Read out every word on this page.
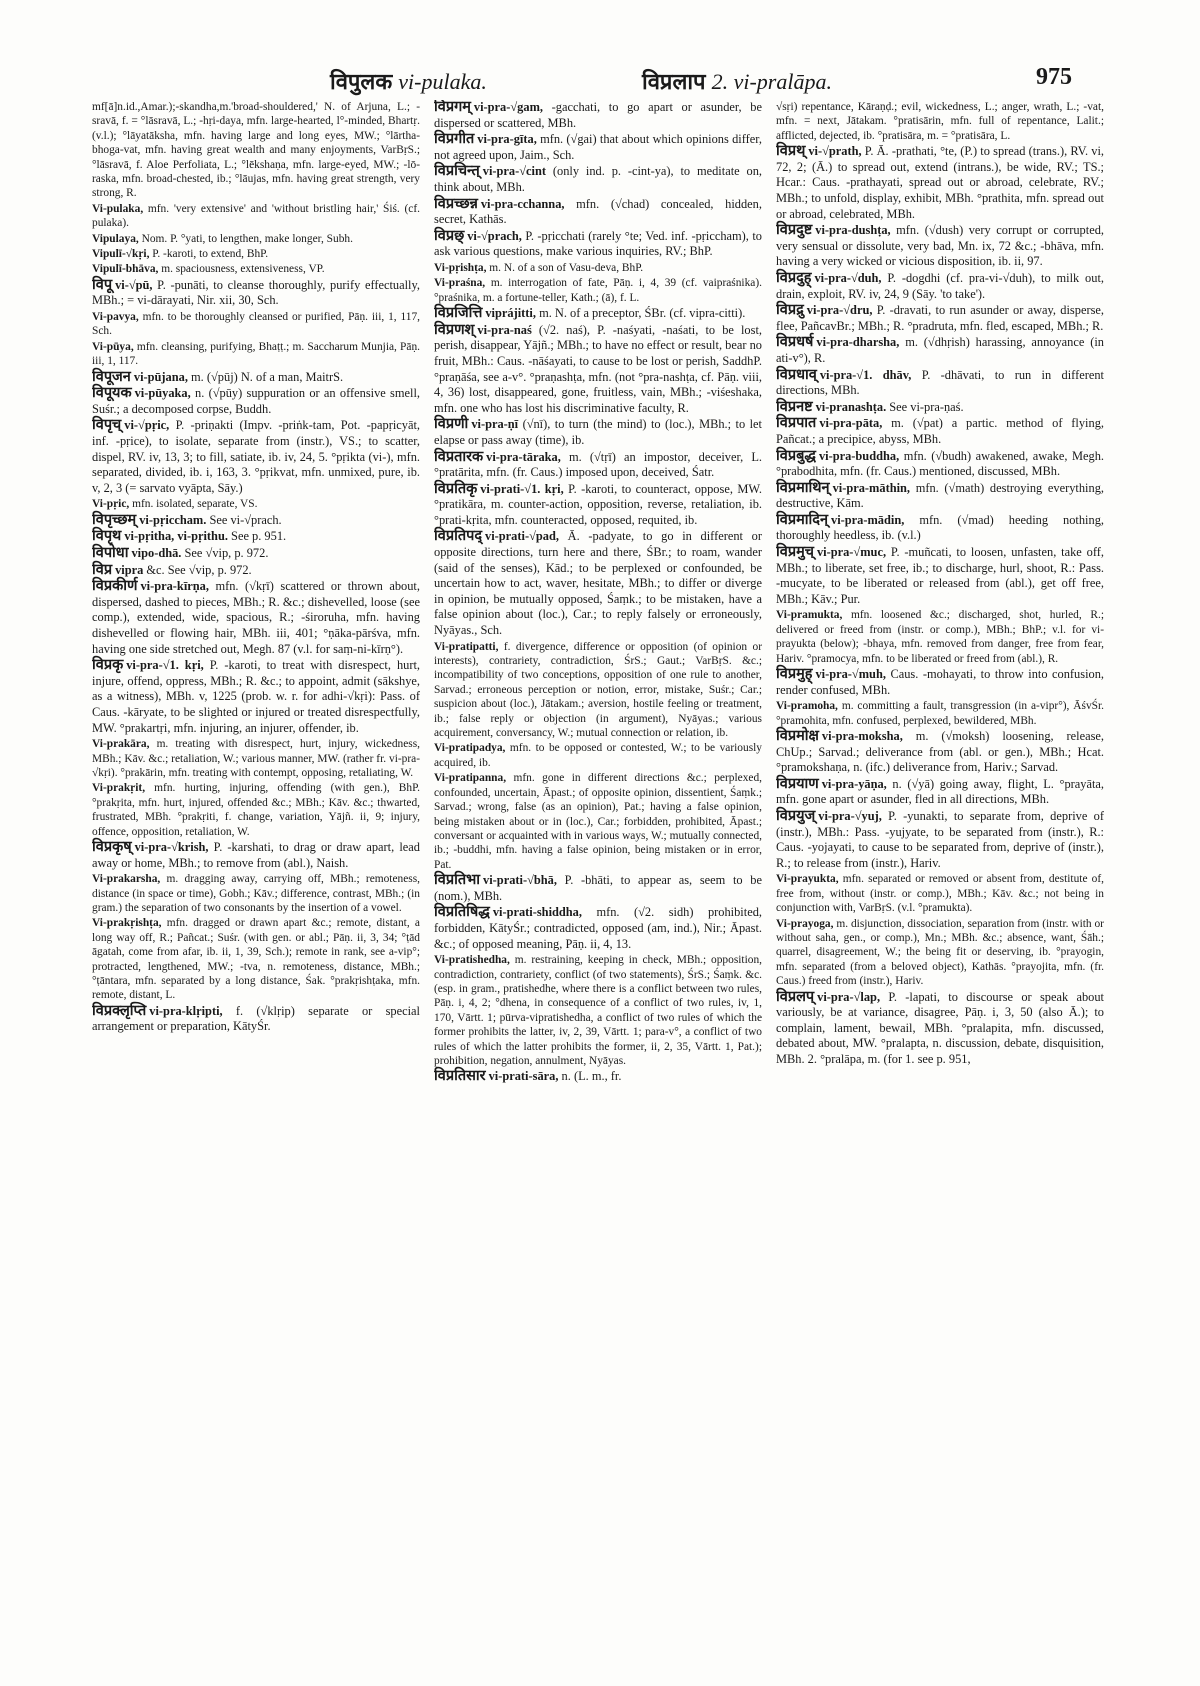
विपुलक vi-pulaka.	विप्रलाप 2. vi-pralāpa.	975

mf[ā]n.id.,Amar.);-skandha,m.'broad-shouldered,' N. of Arjuna, L.; -sravā, f. = °lāsravā, L.; -hṛi-daya, mfn. large-hearted, l°-minded, Bhartṛ. (v.l.); °lāyatāksha, mfn. having large and long eyes, MW.; °lārtha-bhoga-vat, mfn. having great wealth and many enjoyments, VarBṛS.; °lāsravā, f. Aloe Perfoliata, L.; °lēkshaṇa, mfn. large-eyed, MW.; -lō-raska, mfn. broad-chested, ib.; °lāujas, mfn. having great strength, very strong, R.

Vi-pulaka, mfn. 'very extensive' and 'without bristling hair,' Śiś. (cf. pulaka).

Vipulaya, Nom. P. °yati, to lengthen, make longer, Subh.

Vipulī-√kṛi, P. -karoti, to extend, BhP.

Vipulī-bhāva, m. spaciousness, extensiveness, VP.

विपू vi-√pū, P. -punāti, to cleanse thoroughly, purify effectually, MBh.; = vi-dārayati, Nir. xii, 30, Sch.

Vi-pavya, mfn. to be thoroughly cleansed or purified, Pāṇ. iii, 1, 117, Sch.

Vi-pūya, mfn. cleansing, purifying, Bhaṭṭ.; m. Saccharum Munjia, Pāṇ. iii, 1, 117.

विपूजन vi-pūjana, m. (√pūj) N. of a man, MaitrS.

विपूयक vi-pūyaka, n. (√pūy) suppuration or an offensive smell, Suśr.; a decomposed corpse, Buddh.

विपृच् vi-√pṛic, P. -priṇakti (Impv. -priṅk-tam, Pot. -papṛicyāt, inf. -pṛice), to isolate, separate from (instr.), VS.; to scatter, dispel, RV. iv, 13, 3; to fill, satiate, ib. iv, 24, 5. °pṛikta (vi-), mfn. separated, divided, ib. i, 163, 3. °pṛikvat, mfn. unmixed, pure, ib. v, 2, 3 (= sarvato vyāpta, Sāy.)

Vi-pṛic, mfn. isolated, separate, VS.

विपृच्छम् vi-pṛiccham. See vi-√prach.

विपृथ vi-pṛitha, vi-pṛithu. See p. 951.

विपोधा vipo-dhā. See √vip, p. 972.

विप्र vipra &c. See √vip, p. 972.

विप्रकीर्ण vi-pra-kīrṇa, mfn. (√kṛī) scattered or thrown about, dispersed, dashed to pieces, MBh.; R. &c.; dishevelled, loose (see comp.), extended, wide, spacious, R.; -śiroruha, mfn. having dishevelled or flowing hair, MBh. iii, 401; °ṇāka-pārśva, mfn. having one side stretched out, Megh. 87 (v.l. for saṃ-ni-kīrṇ°).

विप्रकृ vi-pra-√1. kṛi, P. -karoti, to treat with disrespect, hurt, injure, offend, oppress, MBh.; R. &c.; to appoint, admit (sākshye, as a witness), MBh. v, 1225 (prob. w. r. for adhi-√kṛi): Pass. of Caus. -kāryate, to be slighted or injured or treated disrespectfully, MW. °prakartṛi, mfn. injuring, an injurer, offender, ib.

Vi-prakāra, m. treating with disrespect, hurt, injury, wickedness, MBh.; Kāv. &c.; retaliation, W.; various manner, MW. (rather fr. vi-pra-√kṛi). °prakārin, mfn. treating with contempt, opposing, retaliating, W.

Vi-prakṛit, mfn. hurting, injuring, offending (with gen.), BhP. °prakṛita, mfn. hurt, injured, offended &c.; MBh.; Kāv. &c.; thwarted, frustrated, MBh. °prakṛiti, f. change, variation, Yājñ. ii, 9; injury, offence, opposition, retaliation, W.

विप्रकृष् vi-pra-√krish, P. -karshati, to drag or draw apart, lead away or home, MBh.; to remove from (abl.), Naish.

Vi-prakarsha, m. dragging away, carrying off, MBh.; remoteness, distance (in space or time), Gobh.; Kāv.; difference, contrast, MBh.; (in gram.) the separation of two consonants by the insertion of a vowel.

Vi-prakṛishṭa, mfn. dragged or drawn apart &c.; remote, distant, a long way off, R.; Pañcat.; Suśr. (with gen. or abl.; Pāṇ. ii, 3, 34; °ṭād āgatah, come from afar, ib. ii, 1, 39, Sch.); remote in rank, see a-vip°; protracted, lengthened, MW.; -tva, n. remoteness, distance, MBh.; °ṭāntara, mfn. separated by a long distance, Śak. °prakṛishṭaka, mfn. remote, distant, L.

विप्रक्लृप्ति vi-pra-klṛipti, f. (√klṛip) separate or special arrangement or preparation, KātyŚr.

विप्रगम् vi-pra-√gam, -gacchati, to go apart or asunder, be dispersed or scattered, MBh.

विप्रगीत vi-pra-gīta, mfn. (√gai) that about which opinions differ, not agreed upon, Jaim., Sch.

विप्रचिन्त् vi-pra-√cint (only ind. p. -cint-ya), to meditate on, think about, MBh.

विप्रच्छन्न vi-pra-cchanna, mfn. (√chad) concealed, hidden, secret, Kathās.

विप्रछ् vi-√prach, P. -pṛicchati (rarely °te; Ved. inf. -pṛiccham), to ask various questions, make various inquiries, RV.; BhP.

Vi-pṛishṭa, m. N. of a son of Vasu-deva, BhP.

Vi-praśna, m. interrogation of fate, Pāṇ. i, 4, 39 (cf. vaipraśnika). °praśnika, m. a fortune-teller, Kath.; (ā), f. L.

विप्रजित्ति viprájitti, m. N. of a preceptor, ŚBr. (cf. vipra-citti).

विप्रणश् vi-pra-naś (√2. naś), P. -naśyati, -naśati, to be lost, perish, disappear, Yājñ.; MBh.; to have no effect or result, bear no fruit, MBh.: Caus. -nāśayati, to cause to be lost or perish, SaddhP. °praṇāśa, see a-v°. °praṇashṭa, mfn. (not °pra-nashṭa, cf. Pāṇ. viii, 4, 36) lost, disappeared, gone, fruitless, vain, MBh.; -viśeshaka, mfn. one who has lost his discriminative faculty, R.

विप्रणी vi-pra-ṇī (√nī), to turn (the mind) to (loc.), MBh.; to let elapse or pass away (time), ib.

विप्रतारक vi-pra-tāraka, m. (√tṛī) an impostor, deceiver, L. °pratārita, mfn. (fr. Caus.) imposed upon, deceived, Śatr.

विप्रतिकृ vi-prati-√1. kṛi, P. -karoti, to counteract, oppose, MW. °pratikāra, m. counter-action, opposition, reverse, retaliation, ib. °prati-kṛita, mfn. counteracted, opposed, requited, ib.

विप्रतिपद् vi-prati-√pad, Ā. -padyate, to go in different or opposite directions, turn here and there, ŚBr.; to roam, wander (said of the senses), Kād.; to be perplexed or confounded, be uncertain how to act, waver, hesitate, MBh.; to differ or diverge in opinion, be mutually opposed, Śaṃk.; to be mistaken, have a false opinion about (loc.), Car.; to reply falsely or erroneously, Nyāyas., Sch.

Vi-pratipatti, f. divergence, difference or opposition (of opinion or interests), contrariety, contradiction, ŚrS.; Gaut.; VarBṛS. &c.; incompatibility of two conceptions, opposition of one rule to another, Sarvad.; erroneous perception or notion, error, mistake, Suśr.; Car.; suspicion about (loc.), Jātakam.; aversion, hostile feeling or treatment, ib.; false reply or objection (in argument), Nyāyas.; various acquirement, conversancy, W.; mutual connection or relation, ib.

Vi-pratipadya, mfn. to be opposed or contested, W.; to be variously acquired, ib.

Vi-pratipanna, mfn. gone in different directions &c.; perplexed, confounded, uncertain, Āpast.; of opposite opinion, dissentient, Śaṃk.; Sarvad.; wrong, false (as an opinion), Pat.; having a false opinion, being mistaken about or in (loc.), Car.; forbidden, prohibited, Āpast.; conversant or acquainted with in various ways, W.; mutually connected, ib.; -buddhi, mfn. having a false opinion, being mistaken or in error, Pat.

विप्रतिभा vi-prati-√bhā, P. -bhāti, to appear as, seem to be (nom.), MBh.

विप्रतिषिद्ध vi-prati-shiddha, mfn. (√2. sidh) prohibited, forbidden, KātyŚr.; contradicted, opposed (am, ind.), Nir.; Āpast. &c.; of opposed meaning, Pāṇ. ii, 4, 13.

Vi-pratishedha, m. restraining, keeping in check, MBh.; opposition, contradiction, contrariety, conflict (of two statements), ŚrS.; Śaṃk. &c. (esp. in gram., pratishedhe, where there is a conflict between two rules, Pāṇ. i, 4, 2; °dhena, in consequence of a conflict of two rules, iv, 1, 170, Vārtt. 1; pūrva-vipratishedha, a conflict of two rules of which the former prohibits the latter, iv, 2, 39, Vārtt. 1; para-v°, a conflict of two rules of which the latter prohibits the former, ii, 2, 35, Vārtt. 1, Pat.); prohibition, negation, annulment, Nyāyas.

विप्रतिसार vi-prati-sāra, n. (L. m., fr.

√sṛi) repentance, Kāraṇḍ.; evil, wickedness, L.; anger, wrath, L.; -vat, mfn. = next, Jātakam. °pratisārin, mfn. full of repentance, Lalit.; afflicted, dejected, ib. °pratisāra, m. = °pratisāra, L.

विप्रथ् vi-√prath, P. Ā. -prathati, °te, (P.) to spread (trans.), RV. vi, 72, 2; (Ā.) to spread out, extend (intrans.), be wide, RV.; TS.; Hcar.: Caus. -prathayati, spread out or abroad, celebrate, RV.; MBh.; to unfold, display, exhibit, MBh. °prathita, mfn. spread out or abroad, celebrated, MBh.

विप्रदुष्ट vi-pra-dushṭa, mfn. (√dush) very corrupt or corrupted, very sensual or dissolute, very bad, Mn. ix, 72 &c.; -bhāva, mfn. having a very wicked or vicious disposition, ib. ii, 97.

विप्रदुह् vi-pra-√duh, P. -dogdhi (cf. pra-vi-√duh), to milk out, drain, exploit, RV. iv, 24, 9 (Sāy. 'to take').

विप्रद्रु vi-pra-√dru, P. -dravati, to run asunder or away, disperse, flee, PañcavBr.; MBh.; R. °pradruta, mfn. fled, escaped, MBh.; R.

विप्रधर्ष vi-pra-dharsha, m. (√dhṛish) harassing, annoyance (in ati-v°), R.

विप्रधाव् vi-pra-√1. dhāv, P. -dhāvati, to run in different directions, MBh.

विप्रनष्ट vi-pranashṭa. See vi-pra-ṇaś.

विप्रपात vi-pra-pāta, m. (√pat) a partic. method of flying, Pañcat.; a precipice, abyss, MBh.

विप्रबुद्ध vi-pra-buddha, mfn. (√budh) awakened, awake, Megh. °prabodhita, mfn. (fr. Caus.) mentioned, discussed, MBh.

विप्रमाथिन् vi-pra-māthin, mfn. (√math) destroying everything, destructive, Kām.

विप्रमादिन् vi-pra-mādin, mfn. (√mad) heeding nothing, thoroughly heedless, ib. (v.l.)

विप्रमुच् vi-pra-√muc, P. -muñcati, to loosen, unfasten, take off, MBh.; to liberate, set free, ib.; to discharge, hurl, shoot, R.: Pass. -mucyate, to be liberated or released from (abl.), get off free, MBh.; Kāv.; Pur.

Vi-pramukta, mfn. loosened &c.; discharged, shot, hurled, R.; delivered or freed from (instr. or comp.), MBh.; BhP.; v.l. for vi-prayukta (below); -bhaya, mfn. removed from danger, free from fear, Hariv. °pramocya, mfn. to be liberated or freed from (abl.), R.

विप्रमुह् vi-pra-√muh, Caus. -mohayati, to throw into confusion, render confused, MBh.

Vi-pramoha, m. committing a fault, transgression (in a-vipr°), ĀśvŚr. °pramohita, mfn. confused, perplexed, bewildered, MBh.

विप्रमोक्ष vi-pra-moksha, m. (√moksh) loosening, release, ChUp.; Sarvad.; deliverance from (abl. or gen.), MBh.; Hcat. °pramokshaṇa, n. (ifc.) deliverance from, Hariv.; Sarvad.

विप्रयाण vi-pra-yāṇa, n. (√yā) going away, flight, L. °prayāta, mfn. gone apart or asunder, fled in all directions, MBh.

विप्रयुज् vi-pra-√yuj, P. -yunakti, to separate from, deprive of (instr.), MBh.: Pass. -yujyate, to be separated from (instr.), R.: Caus. -yojayati, to cause to be separated from, deprive of (instr.), R.; to release from (instr.), Hariv.

Vi-prayukta, mfn. separated or removed or absent from, destitute of, free from, without (instr. or comp.), MBh.; Kāv. &c.; not being in conjunction with, VarBṛS. (v.l. °pramukta).

Vi-prayoga, m. disjunction, dissociation, separation from (instr. with or without saha, gen., or comp.), Mn.; MBh. &c.; absence, want, Śāh.; quarrel, disagreement, W.; the being fit or deserving, ib. °prayogin, mfn. separated (from a beloved object), Kathās. °prayojita, mfn. (fr. Caus.) freed from (instr.), Hariv.

विप्रलप् vi-pra-√lap, P. -lapati, to discourse or speak about variously, be at variance, disagree, Pāṇ. i, 3, 50 (also Ā.); to complain, lament, bewail, MBh. °pralapita, mfn. discussed, debated about, MW. °pralapta, n. discussion, debate, disquisition, MBh. 2. °pralāpa, m. (for 1. see p. 951,
